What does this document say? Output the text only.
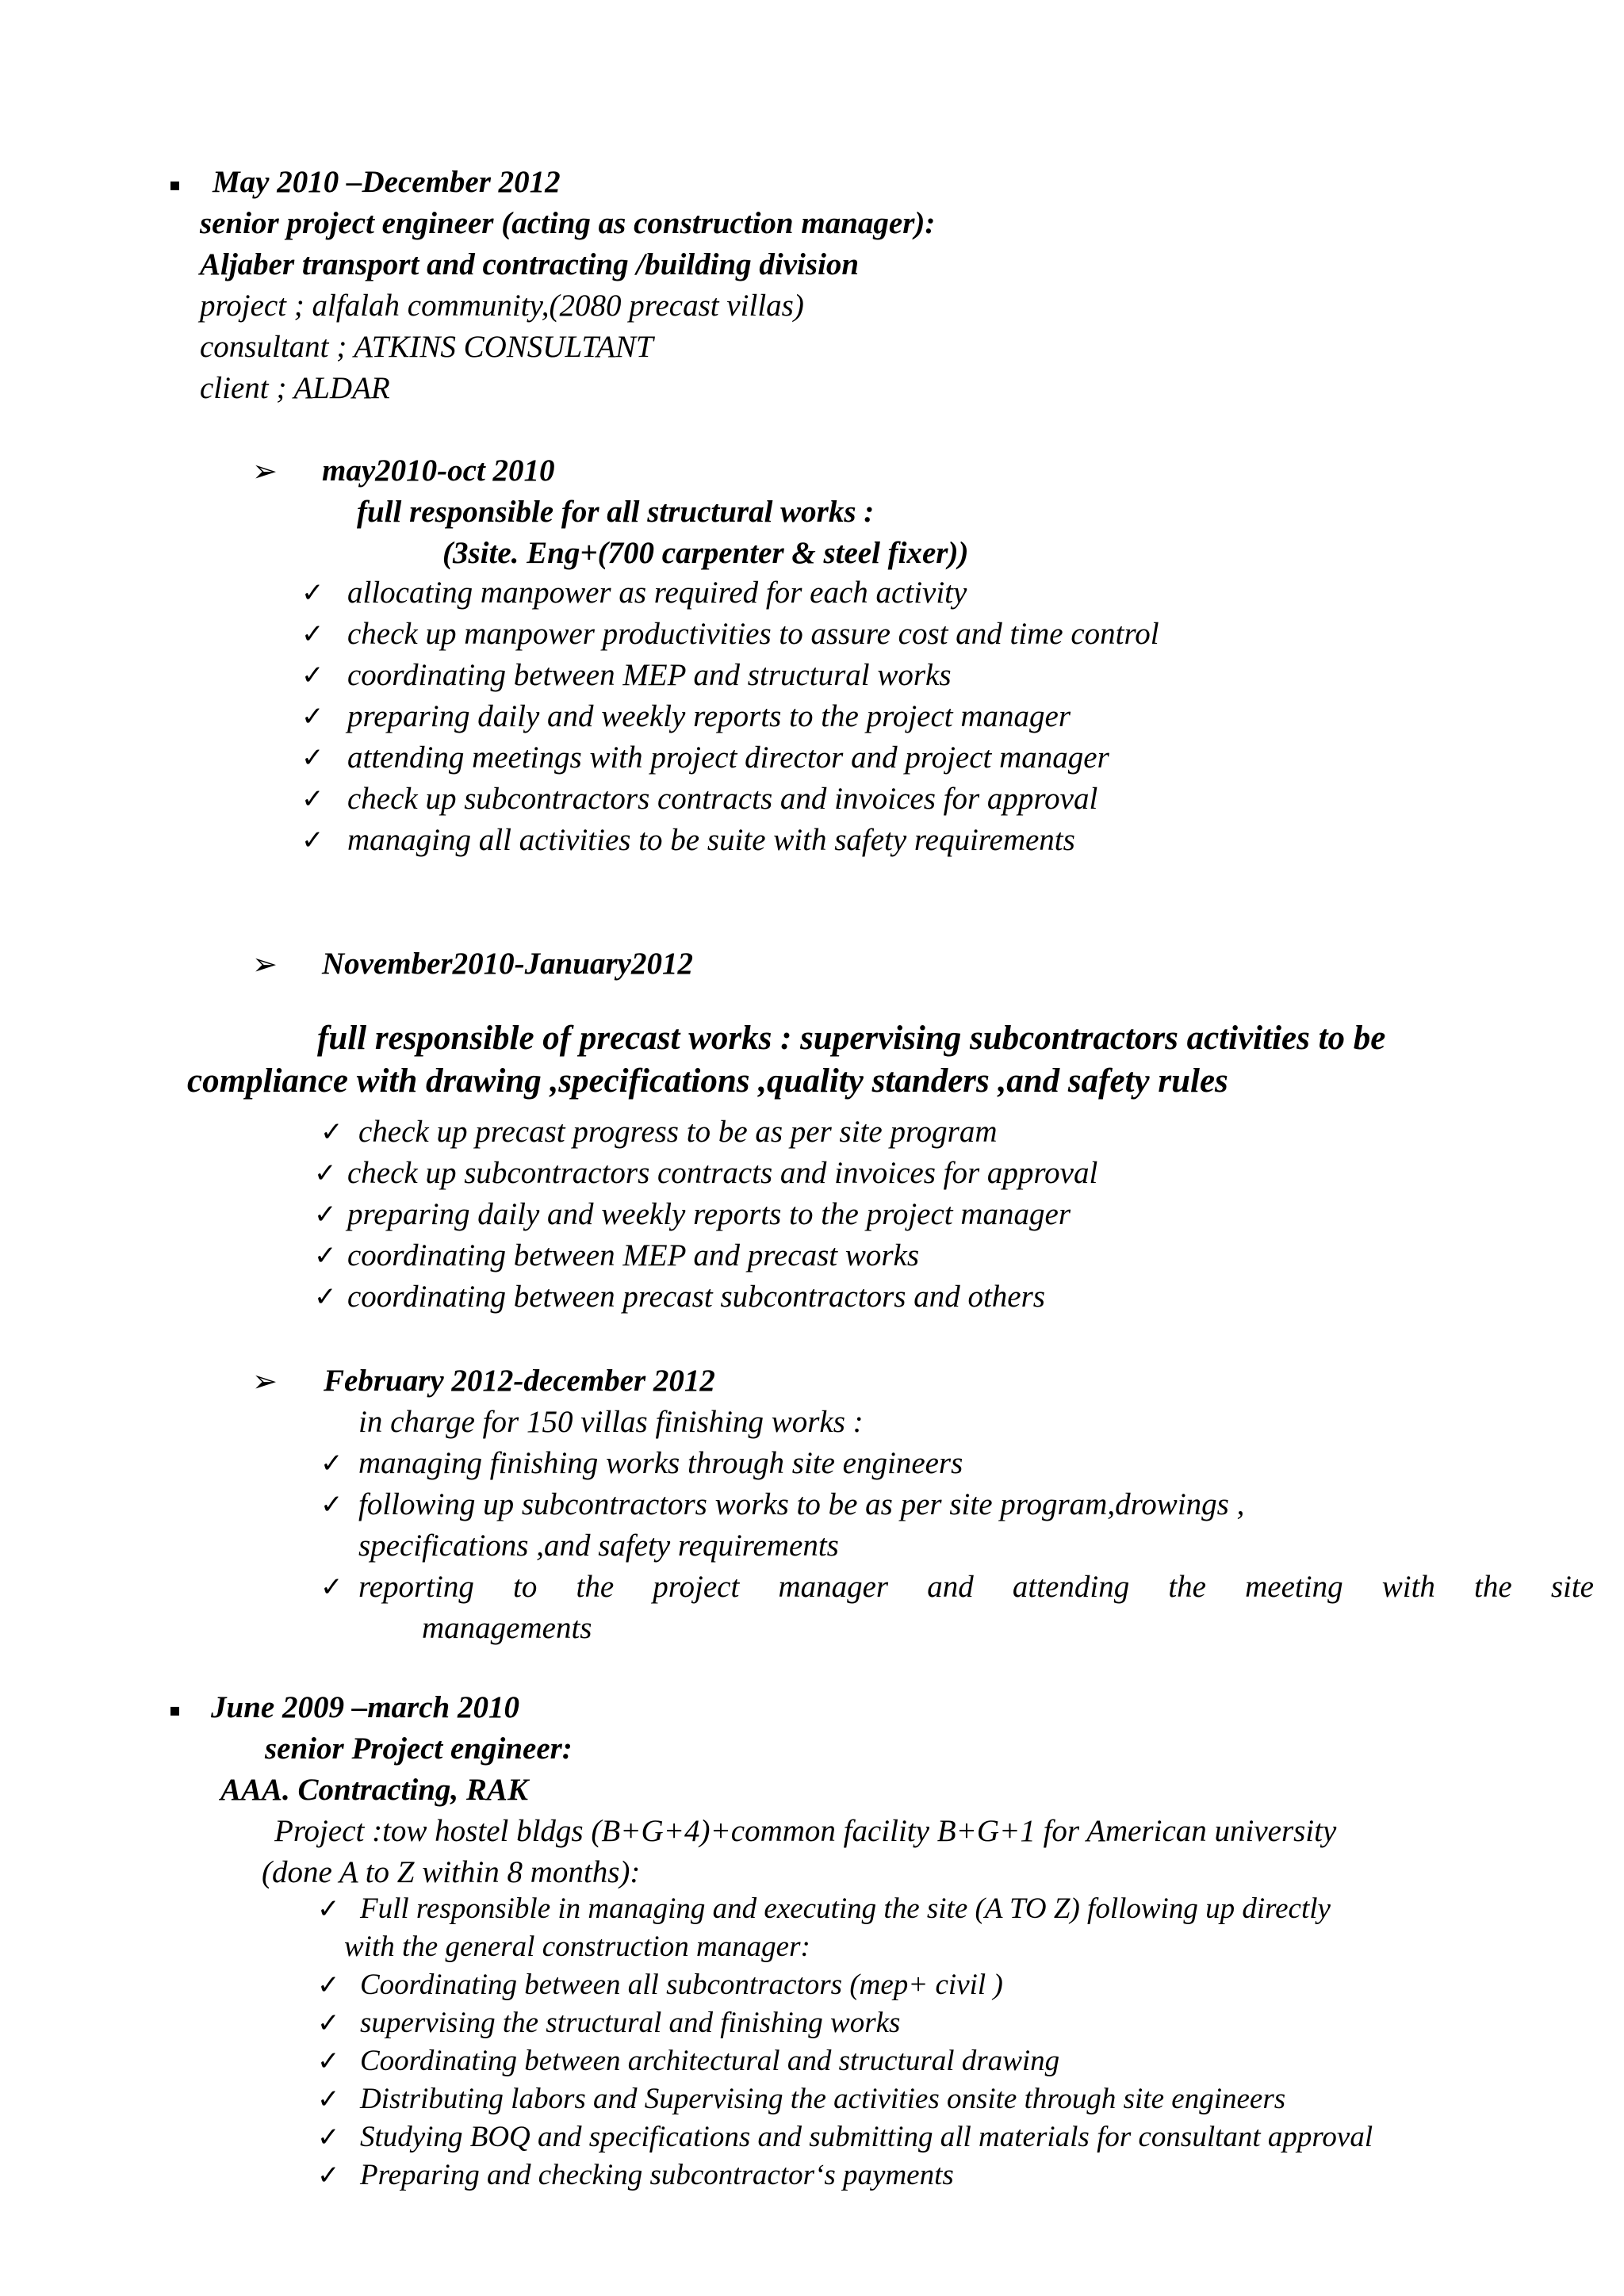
▪ May 2010 –December 2012
senior project engineer (acting as construction manager):
Aljaber transport and contracting /building division
project ; alfalah community,(2080 precast villas)
consultant ; ATKINS CONSULTANT
client ; ALDAR
➢ may2010-oct 2010
full responsible for all structural works :
(3site. Eng+(700 carpenter & steel fixer))
✓ allocating manpower as required for each activity
✓ check up manpower productivities to assure cost and time control
✓ coordinating between MEP and structural works
✓ preparing daily and weekly reports to the project manager
✓ attending meetings with project director and project manager
✓ check up subcontractors contracts and invoices for approval
✓ managing all activities to be suite with safety requirements
➢ November2010-January2012
full responsible of precast works : supervising subcontractors activities to be
compliance with drawing ,specifications ,quality standers ,and safety rules
✓ check up precast progress to be as per site program
✓ check up subcontractors contracts and invoices for approval
✓ preparing daily and weekly reports to the project manager
✓ coordinating between MEP and precast works
✓ coordinating between precast subcontractors and others
➢ February 2012-december 2012
in charge for 150 villas finishing works :
✓ managing finishing works through site engineers
✓ following up subcontractors works to be as per site program,drowings ,
specifications ,and safety requirements
✓ reporting to the project manager and attending the meeting with the site
managements
▪ June 2009 –march 2010
senior Project engineer:
AAA. Contracting, RAK
Project :tow hostel bldgs (B+G+4)+common facility B+G+1 for American university
(done A to Z within 8 months):
✓ Full responsible in managing and executing the site (A TO Z) following up directly
with the general construction manager:
✓ Coordinating between all subcontractors (mep+ civil )
✓ supervising the structural and finishing works
✓ Coordinating between architectural and structural drawing
✓ Distributing labors and Supervising the activities onsite through site engineers
✓ Studying BOQ and specifications and submitting all materials for consultant approval
✓ Preparing and checking subcontractor‘s payments
